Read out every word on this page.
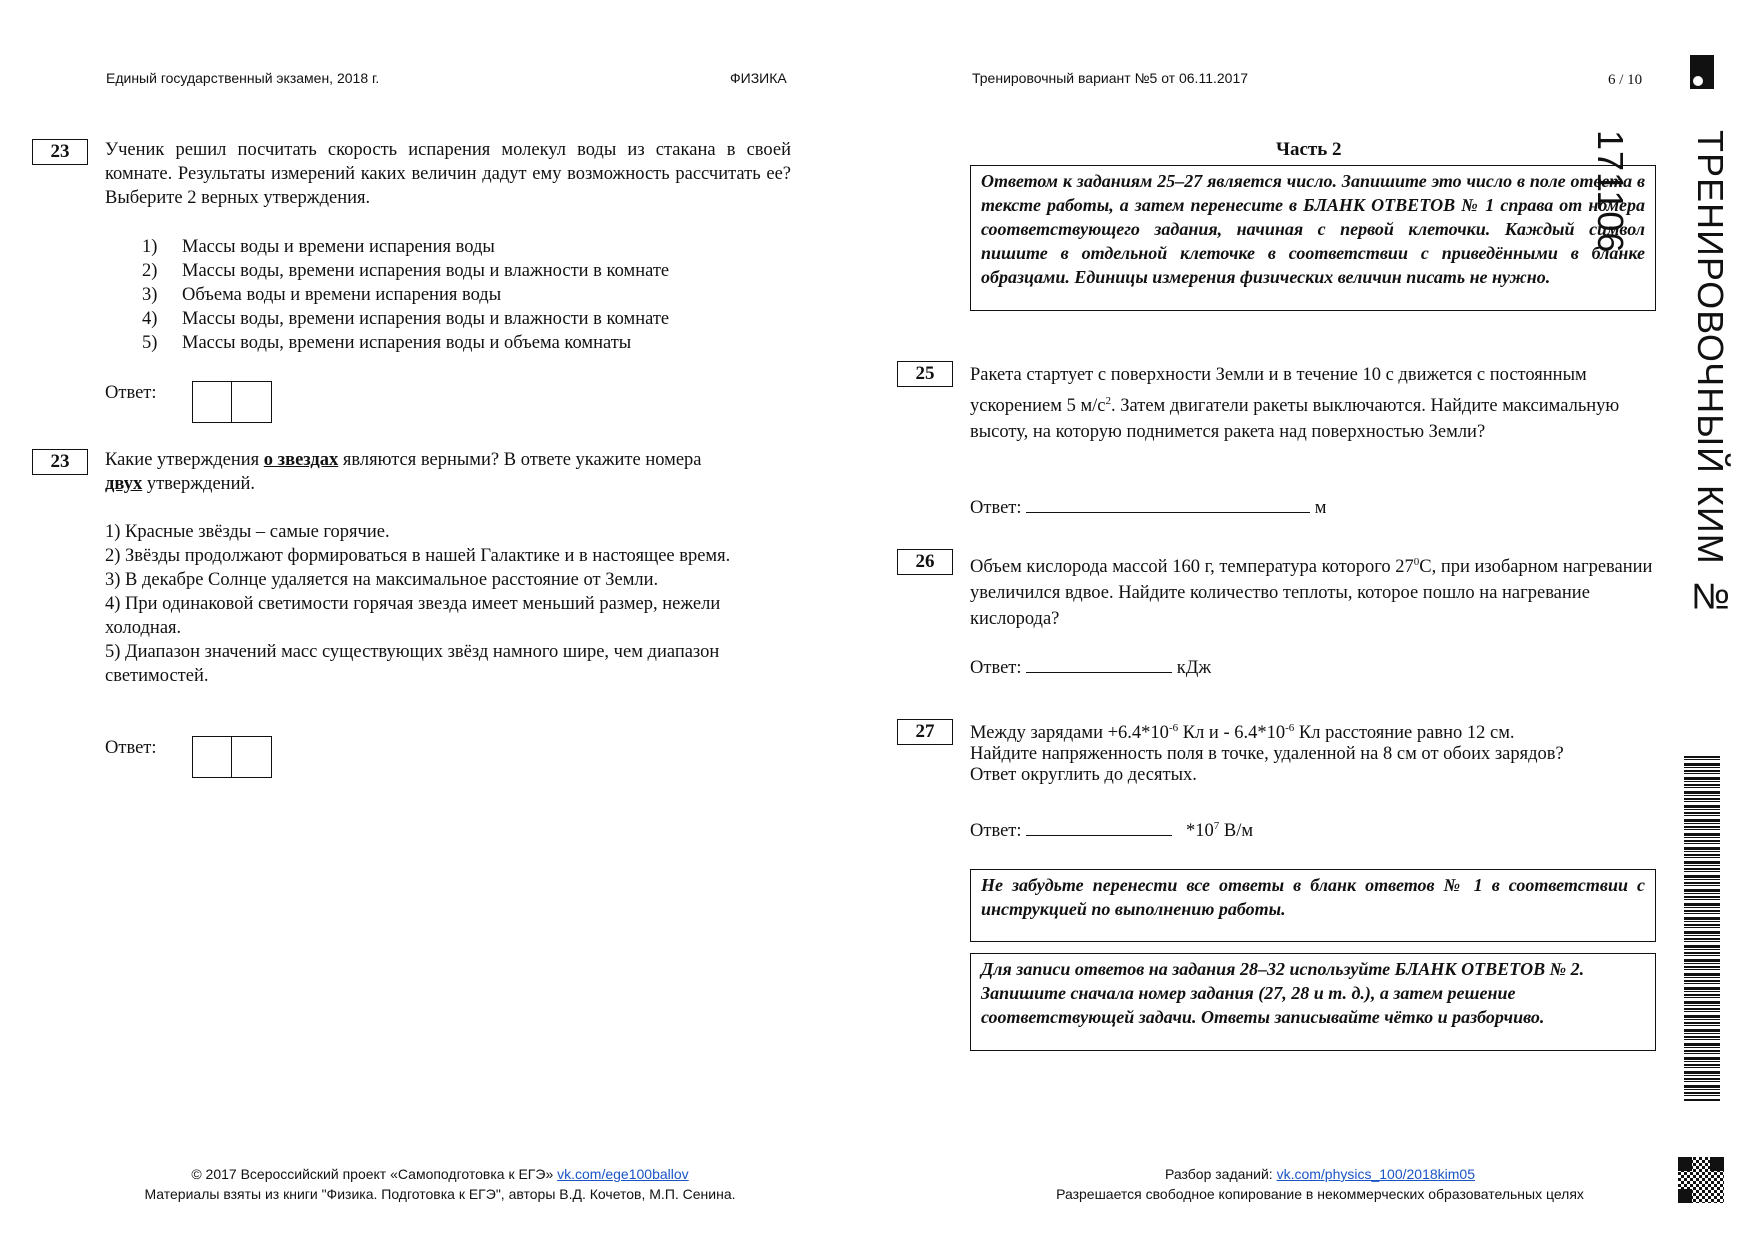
Единый государственный экзамен, 2018 г.	ФИЗИКА	Тренировочный вариант №5 от 06.11.2017	6 / 10
ТРЕНИРОВОЧНЫЙ КИМ № 171106
23	Ученик решил посчитать скорость испарения молекул воды из стакана в своей комнате. Результаты измерений каких величин дадут ему возможность рассчитать ее? Выберите 2 верных утверждения.
1) Массы воды и времени испарения воды
2) Массы воды, времени испарения воды и влажности в комнате
3) Объема воды и времени испарения воды
4) Массы воды, времени испарения воды и влажности в комнате
5) Массы воды, времени испарения воды и объема комнаты
Ответ:
23	Какие утверждения о звездах являются верными? В ответе укажите номера
двух утверждений.
1) Красные звёзды – самые горячие.
2) Звёзды продолжают формироваться в нашей Галактике и в настоящее время.
3) В декабре Солнце удаляется на максимальное расстояние от Земли.
4) При одинаковой светимости горячая звезда имеет меньший размер, нежели холодная.
5) Диапазон значений масс существующих звёзд намного шире, чем диапазон светимостей.
Ответ:
Часть 2
Ответом к заданиям 25–27 является число. Запишите это число в поле ответа в тексте работы, а затем перенесите в БЛАНК ОТВЕТОВ № 1 справа от номера соответствующего задания, начиная с первой клеточки. Каждый символ пишите в отдельной клеточке в соответствии с приведёнными в бланке образцами. Единицы измерения физических величин писать не нужно.
25	Ракета стартует с поверхности Земли и в течение 10 с движется с постоянным ускорением 5 $м/с^2$. Затем двигатели ракеты выключаются. Найдите максимальную высоту, на которую поднимется ракета над поверхностью Земли?
Ответ:	м
26	Объем кислорода массой 160 г, температура которого $27^0С$, при изобарном нагревании увеличился вдвое. Найдите количество теплоты, которое пошло на нагревание кислорода?
Ответ:	кДж
27	Между зарядами $+6.4*10^{-6}$ Кл и - $6.4*10^{-6}$ Кл расстояние равно 12 см.
Найдите напряженность поля в точке, удаленной на 8 см от обоих зарядов?
Ответ округлить до десятых.
Ответ:	$*10^7$ В/м
Не забудьте перенести все ответы в бланк ответов № 1 в соответствии с инструкцией по выполнению работы.
Для записи ответов на задания 28–32 используйте БЛАНК ОТВЕТОВ № 2. Запишите сначала номер задания (27, 28 и т. д.), а затем решение соответствующей задачи. Ответы записывайте чётко и разборчиво.
© 2017 Всероссийский проект «Самоподготовка к ЕГЭ» vk.com/ege100ballov
Материалы взяты из книги "Физика. Подготовка к ЕГЭ", авторы В.Д. Кочетов, М.П. Сенина.
Разбор заданий: vk.com/physics_100/2018kim05
Разрешается свободное копирование в некоммерческих образовательных целях
